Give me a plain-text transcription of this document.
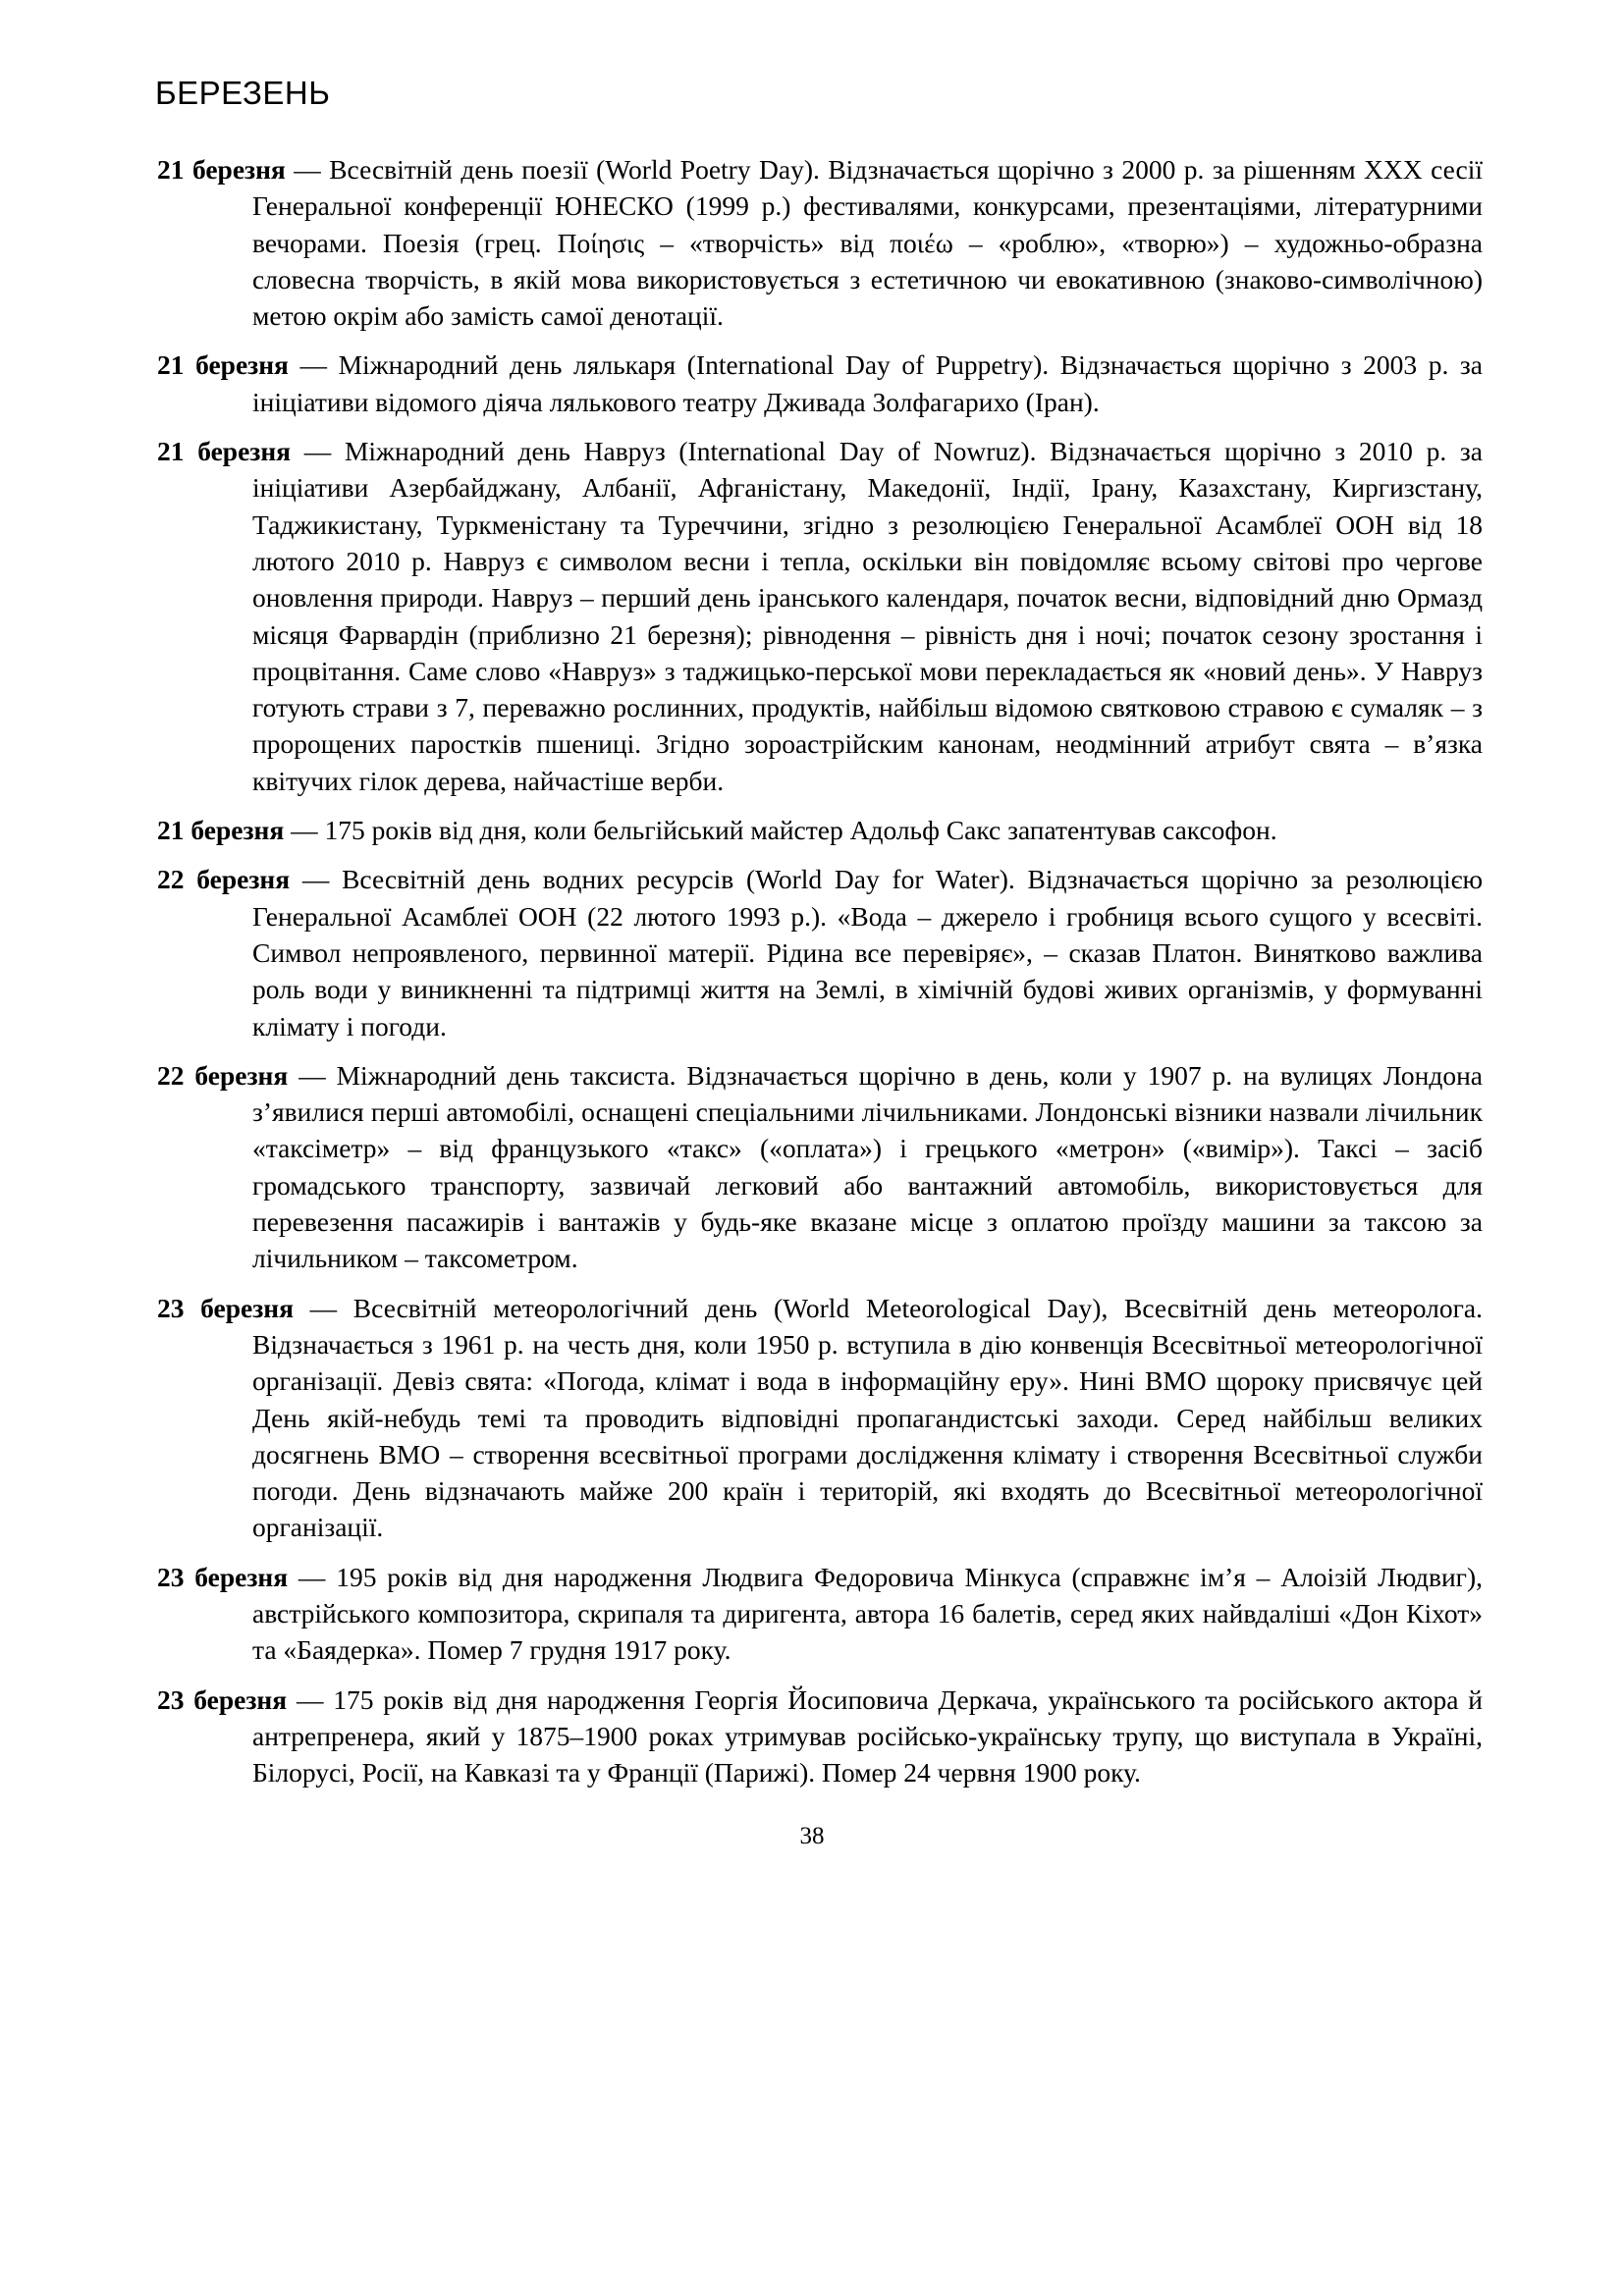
БЕРЕЗЕНЬ

21 березня — Всесвітній день поезії (World Poetry Day). Відзначається щорічно з 2000 р. за рішенням XXX сесії Генеральної конференції ЮНЕСКО (1999 р.) фестивалями, конкурсами, презентаціями, літературними вечорами. Поезія (грец. Ποίησις – «творчість» від ποιέω – «роблю», «творю») – художньо-образна словесна творчість, в якій мова використовується з естетичною чи евокативною (знаково-символічною) метою окрім або замість самої денотації.

21 березня — Міжнародний день лялькаря (International Day of Puppetry). Відзначається щорічно з 2003 р. за ініціативи відомого діяча лялькового театру Дживада Золфагарихо (Іран).

21 березня — Міжнародний день Навруз (International Day of Nowruz). Відзначається щорічно з 2010 р. за ініціативи Азербайджану, Албанії, Афганістану, Македонії, Індії, Ірану, Казахстану, Киргизстану, Таджикистану, Туркменістану та Туреччини, згідно з резолюцією Генеральної Асамблеї ООН від 18 лютого 2010 р. Навруз є символом весни і тепла, оскільки він повідомляє всьому світові про чергове оновлення природи. Навруз – перший день іранського календаря, початок весни, відповідний дню Ормазд місяця Фарвардін (приблизно 21 березня); рівнодення – рівність дня і ночі; початок сезону зростання і процвітання. Саме слово «Навруз» з таджицько-перської мови перекладається як «новий день». У Навруз готують страви з 7, переважно рослинних, продуктів, найбільш відомою святковою стравою є сумаляк – з пророщених паростків пшениці. Згідно зороастрійским канонам, неодмінний атрибут свята – в’язка квітучих гілок дерева, найчастіше верби.

21 березня — 175 років від дня, коли бельгійський майстер Адольф Сакс запатентував саксофон.

22 березня — Всесвітній день водних ресурсів (World Day for Water). Відзначається щорічно за резолюцією Генеральної Асамблеї ООН (22 лютого 1993 р.). «Вода – джерело і гробниця всього сущого у всесвіті. Символ непроявленого, первинної матерії. Рідина все перевіряє», – сказав Платон. Винятково важлива роль води у виникненні та підтримці життя на Землі, в хімічній будові живих організмів, у формуванні клімату і погоди.

22 березня — Міжнародний день таксиста. Відзначається щорічно в день, коли у 1907 р. на вулицях Лондона з’явилися перші автомобілі, оснащені спеціальними лічильниками. Лондонські візники назвали лічильник «таксіметр» – від французького «такс» («оплата») і грецького «метрон» («вимір»). Таксі – засіб громадського транспорту, зазвичай легковий або вантажний автомобіль, використовується для перевезення пасажирів і вантажів у будь-яке вказане місце з оплатою проїзду машини за таксою за лічильником – таксометром.

23 березня — Всесвітній метеорологічний день (World Meteorological Day), Всесвітній день метеоролога. Відзначається з 1961 р. на честь дня, коли 1950 р. вступила в дію конвенція Всесвітньої метеорологічної організації. Девіз свята: «Погода, клімат і вода в інформаційну еру». Нині ВМО щороку присвячує цей День якій-небудь темі та проводить відповідні пропагандистські заходи. Серед найбільш великих досягнень ВМО – створення всесвітньої програми дослідження клімату і створення Всесвітньої служби погоди. День відзначають майже 200 країн і територій, які входять до Всесвітньої метеорологічної організації.

23 березня — 195 років від дня народження Людвига Федоровича Мінкуса (справжнє ім’я – Алоізій Людвиг), австрійського композитора, скрипаля та диригента, автора 16 балетів, серед яких найвдаліші «Дон Кіхот» та «Баядерка». Помер 7 грудня 1917 року.

23 березня — 175 років від дня народження Георгія Йосиповича Деркача, українського та російського актора й антрепренера, який у 1875–1900 роках утримував російсько-українську трупу, що виступала в Україні, Білорусі, Росії, на Кавказі та у Франції (Парижі). Помер 24 червня 1900 року.

38
